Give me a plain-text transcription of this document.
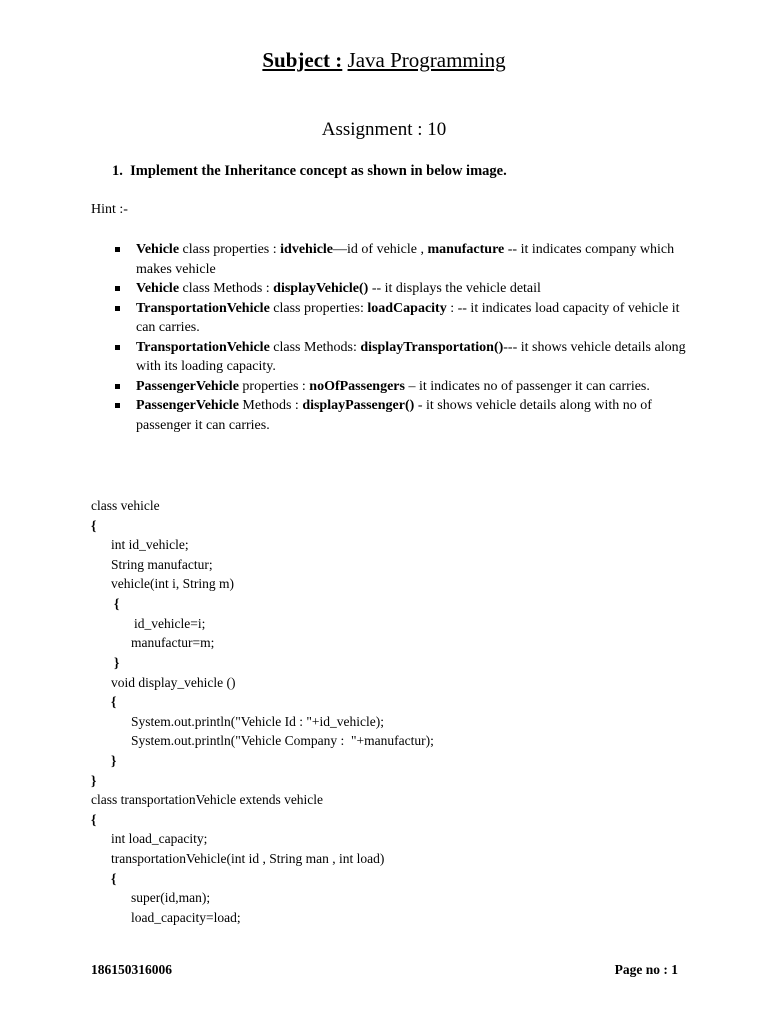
Subject : Java Programming
Assignment : 10
1. Implement the Inheritance concept as shown in below image.
Hint :-
Vehicle class properties : idvehicle—id of vehicle , manufacture -- it indicates company which makes vehicle
Vehicle class Methods : displayVehicle() -- it displays the vehicle detail
TransportationVehicle class properties: loadCapacity : -- it indicates load capacity of vehicle it can carries.
TransportationVehicle class Methods: displayTransportation()--- it shows vehicle details along with its loading capacity.
PassengerVehicle properties : noOfPassengers – it indicates no of passenger it can carries.
PassengerVehicle Methods : displayPassenger() - it shows vehicle details along with no of passenger it can carries.

class vehicle

{

int id_vehicle;

String manufactur;

vehicle(int i, String m)

{

id_vehicle=i;

manufactur=m;

}

void display_vehicle ()

{

System.out.println("Vehicle Id : "+id_vehicle);

System.out.println("Vehicle Company :  "+manufactur);

}

}

class transportationVehicle extends vehicle

{

int load_capacity;

transportationVehicle(int id , String man , int load)

{

super(id,man);

load_capacity=load;

186150316006	Page no : 1
